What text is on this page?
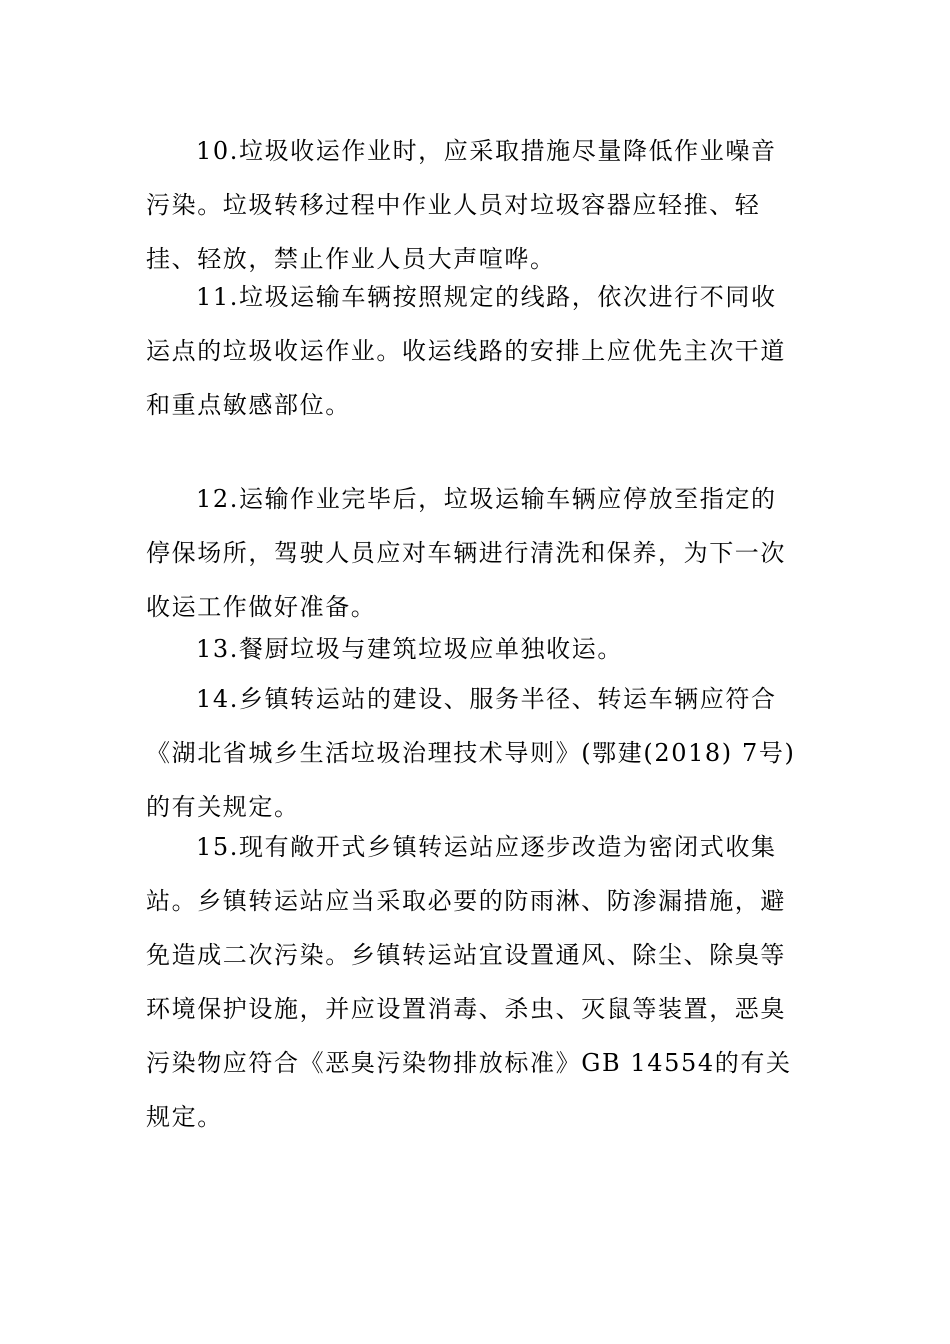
10.垃圾收运作业时，应采取措施尽量降低作业噪音污染。垃圾转移过程中作业人员对垃圾容器应轻推、轻挂、轻放，禁止作业人员大声喧哗。

11.垃圾运输车辆按照规定的线路，依次进行不同收运点的垃圾收运作业。收运线路的安排上应优先主次干道和重点敏感部位。

12.运输作业完毕后，垃圾运输车辆应停放至指定的停保场所，驾驶人员应对车辆进行清洗和保养，为下一次收运工作做好准备。

13.餐厨垃圾与建筑垃圾应单独收运。

14.乡镇转运站的建设、服务半径、转运车辆应符合《湖北省城乡生活垃圾治理技术导则》(鄂建(2018) 7号)的有关规定。

15.现有敞开式乡镇转运站应逐步改造为密闭式收集站。乡镇转运站应当采取必要的防雨淋、防渗漏措施，避免造成二次污染。乡镇转运站宜设置通风、除尘、除臭等环境保护设施，并应设置消毒、杀虫、灭鼠等装置，恶臭污染物应符合《恶臭污染物排放标准》GB 14554的有关规定。
